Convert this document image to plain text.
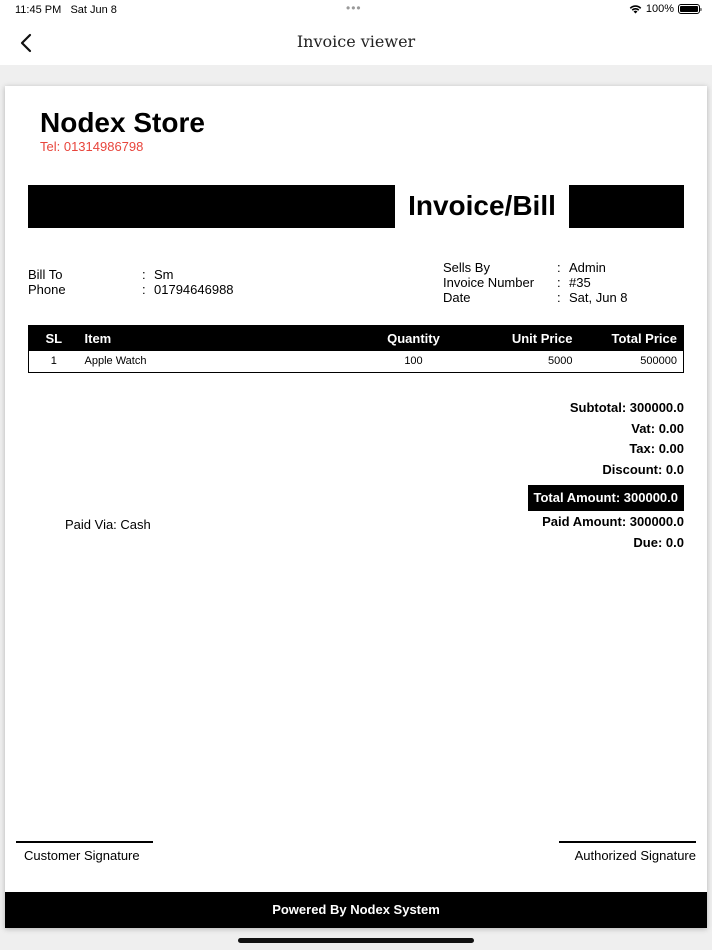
11:45 PM Sat Jun 8	•••	100%
Invoice viewer
Nodex Store
Tel: 01314986798
Invoice/Bill
Bill To	: Sm
Phone	: 01794646988
Sells By	: Admin
Invoice Number	: #35
Date	: Sat, Jun 8
SL	Item	Quantity	Unit Price	Total Price
1	Apple Watch	100	5000	500000
Subtotal: 300000.0
Vat: 0.00
Tax: 0.00
Discount: 0.0
Total Amount: 300000.0
Paid Amount: 300000.0
Due: 0.0
Paid Via: Cash
Customer Signature	Authorized Signature
Powered By Nodex System
